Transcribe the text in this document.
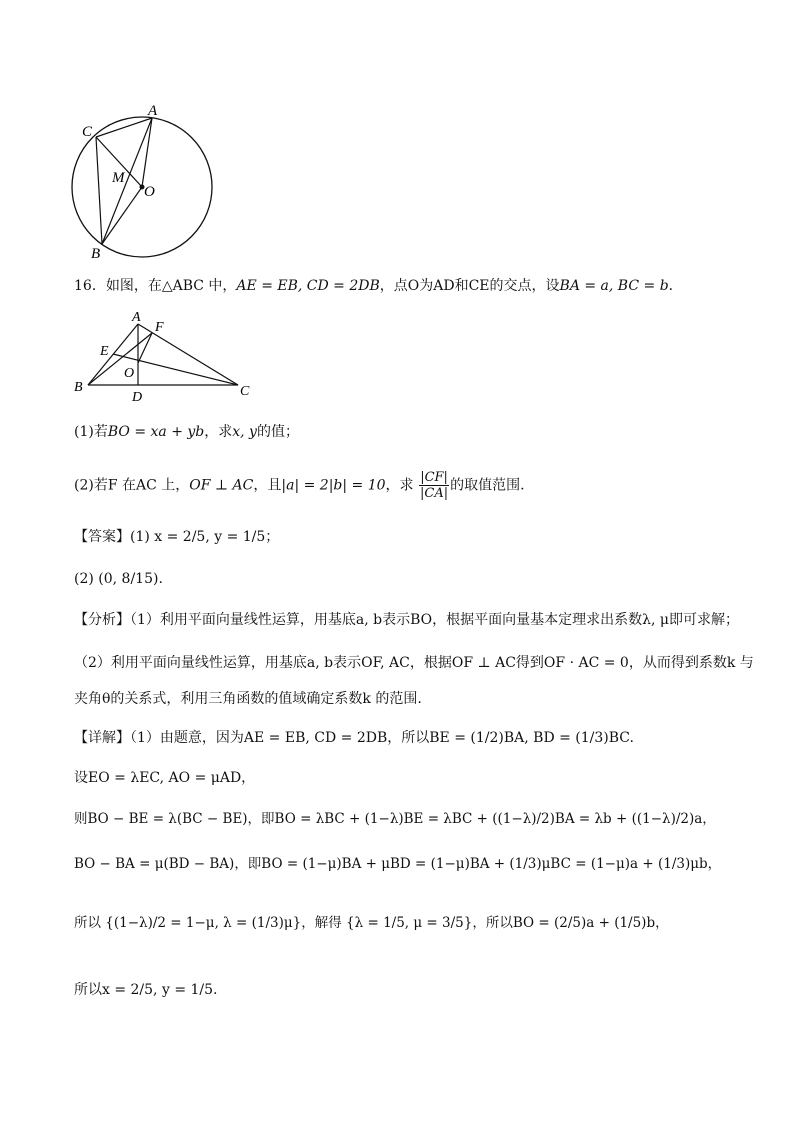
A
C
M
O
B
16．如图，在△ABC 中，AE = EB, CD = 2DB，点O为AD和CE的交点，设BA = a, BC = b．
A
F
E
O
B
D	C
(1)若BO = xa + yb，求x, y的值；
(2)若F 在AC 上，OF ⊥ AC，且|a| = 2|b| = 10，求 $\frac{|CF|}{|CA|}$ 的取值范围.
【答案】(1) x = 2/5, y = 1/5；
(2) (0, 8/15).
【分析】（1）利用平面向量线性运算，用基底a, b表示BO，根据平面向量基本定理求出系数λ, μ即可求解；
（2）利用平面向量线性运算，用基底a, b表示OF, AC，根据OF ⊥ AC得到OF · AC = 0，从而得到系数k 与
夹角θ的关系式，利用三角函数的值域确定系数k 的范围.
【详解】（1）由题意，因为AE = EB, CD = 2DB，所以BE = (1/2)BA, BD = (1/3)BC.
设EO = λEC, AO = μAD，
则BO − BE = λ(BC − BE)，即BO = λBC + (1−λ)BE = λBC + ((1−λ)/2)BA = λb + ((1−λ)/2)a，
BO − BA = μ(BD − BA)，即BO = (1−μ)BA + μBD = (1−μ)BA + (1/3)μBC = (1−μ)a + (1/3)μb，
所以 {(1−λ)/2 = 1−μ, λ = (1/3)μ}，解得 {λ = 1/5, μ = 3/5}，所以BO = (2/5)a + (1/5)b，
所以x = 2/5, y = 1/5.
